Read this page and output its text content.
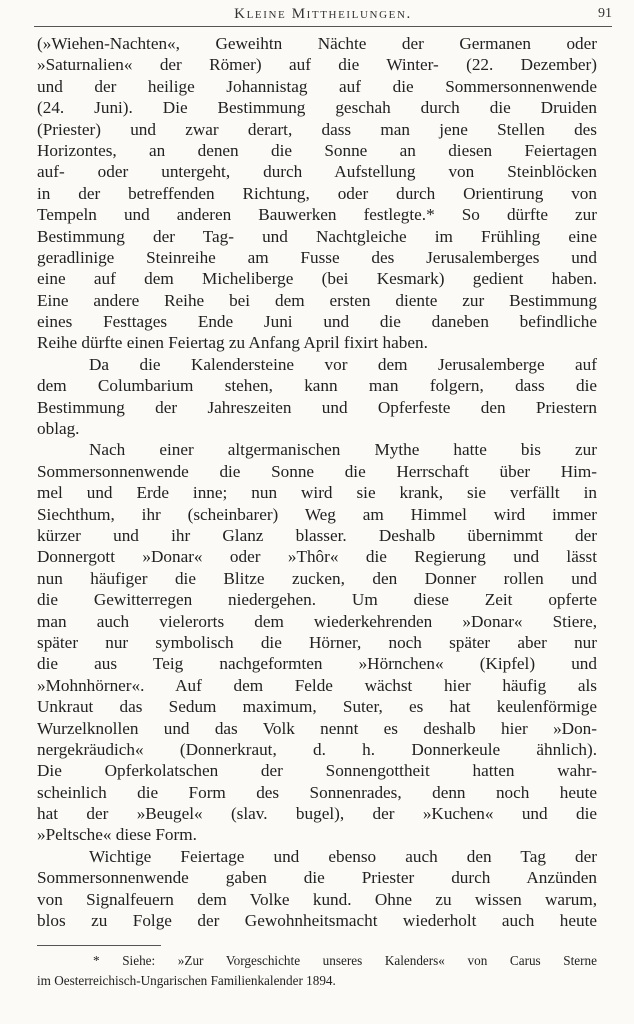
Kleine Mittheilungen.	91
(»Wiehen-Nachten«, Geweihtn Nächte der Germanen oder
»Saturnalien« der Römer) auf die Winter- (22. Dezember)
und der heilige Johannistag auf die Sommersonnenwende
(24. Juni). Die Bestimmung geschah durch die Druiden
(Priester) und zwar derart, dass man jene Stellen des
Horizontes, an denen die Sonne an diesen Feiertagen
auf- oder untergeht, durch Aufstellung von Steinblöcken
in der betreffenden Richtung, oder durch Orientirung von
Tempeln und anderen Bauwerken festlegte.* So dürfte zur
Bestimmung der Tag- und Nachtgleiche im Frühling eine
geradlinige Steinreihe am Fusse des Jerusalemberges und
eine auf dem Micheliberge (bei Kesmark) gedient haben.
Eine andere Reihe bei dem ersten diente zur Bestimmung
eines Festtages Ende Juni und die daneben befindliche
Reihe dürfte einen Feiertag zu Anfang April fixirt haben.
Da die Kalendersteine vor dem Jerusalemberge auf
dem Columbarium stehen, kann man folgern, dass die
Bestimmung der Jahreszeiten und Opferfeste den Priestern
oblag.
Nach einer altgermanischen Mythe hatte bis zur
Sommersonnenwende die Sonne die Herrschaft über Him-
mel und Erde inne; nun wird sie krank, sie verfällt in
Siechthum, ihr (scheinbarer) Weg am Himmel wird immer
kürzer und ihr Glanz blasser. Deshalb übernimmt der
Donnergott »Donar« oder »Thôr« die Regierung und lässt
nun häufiger die Blitze zucken, den Donner rollen und
die Gewitterregen niedergehen. Um diese Zeit opferte
man auch vielerorts dem wiederkehrenden »Donar« Stiere,
später nur symbolisch die Hörner, noch später aber nur
die aus Teig nachgeformten »Hörnchen« (Kipfel) und
»Mohnhörner«. Auf dem Felde wächst hier häufig als
Unkraut das Sedum maximum, Suter, es hat keulenförmige
Wurzelknollen und das Volk nennt es deshalb hier »Don-
nergekräudich« (Donnerkraut, d. h. Donnerkeule ähnlich).
Die Opferkolatschen der Sonnengottheit hatten wahr-
scheinlich die Form des Sonnenrades, denn noch heute
hat der »Beugel« (slav. bugel), der »Kuchen« und die
»Peltsche« diese Form.
Wichtige Feiertage und ebenso auch den Tag der
Sommersonnenwende gaben die Priester durch Anzünden
von Signalfeuern dem Volke kund. Ohne zu wissen warum,
blos zu Folge der Gewohnheitsmacht wiederholt auch heute
* Siehe: »Zur Vorgeschichte unseres Kalenders« von Carus Sterne
im Oesterreichisch-Ungarischen Familienkalender 1894.
